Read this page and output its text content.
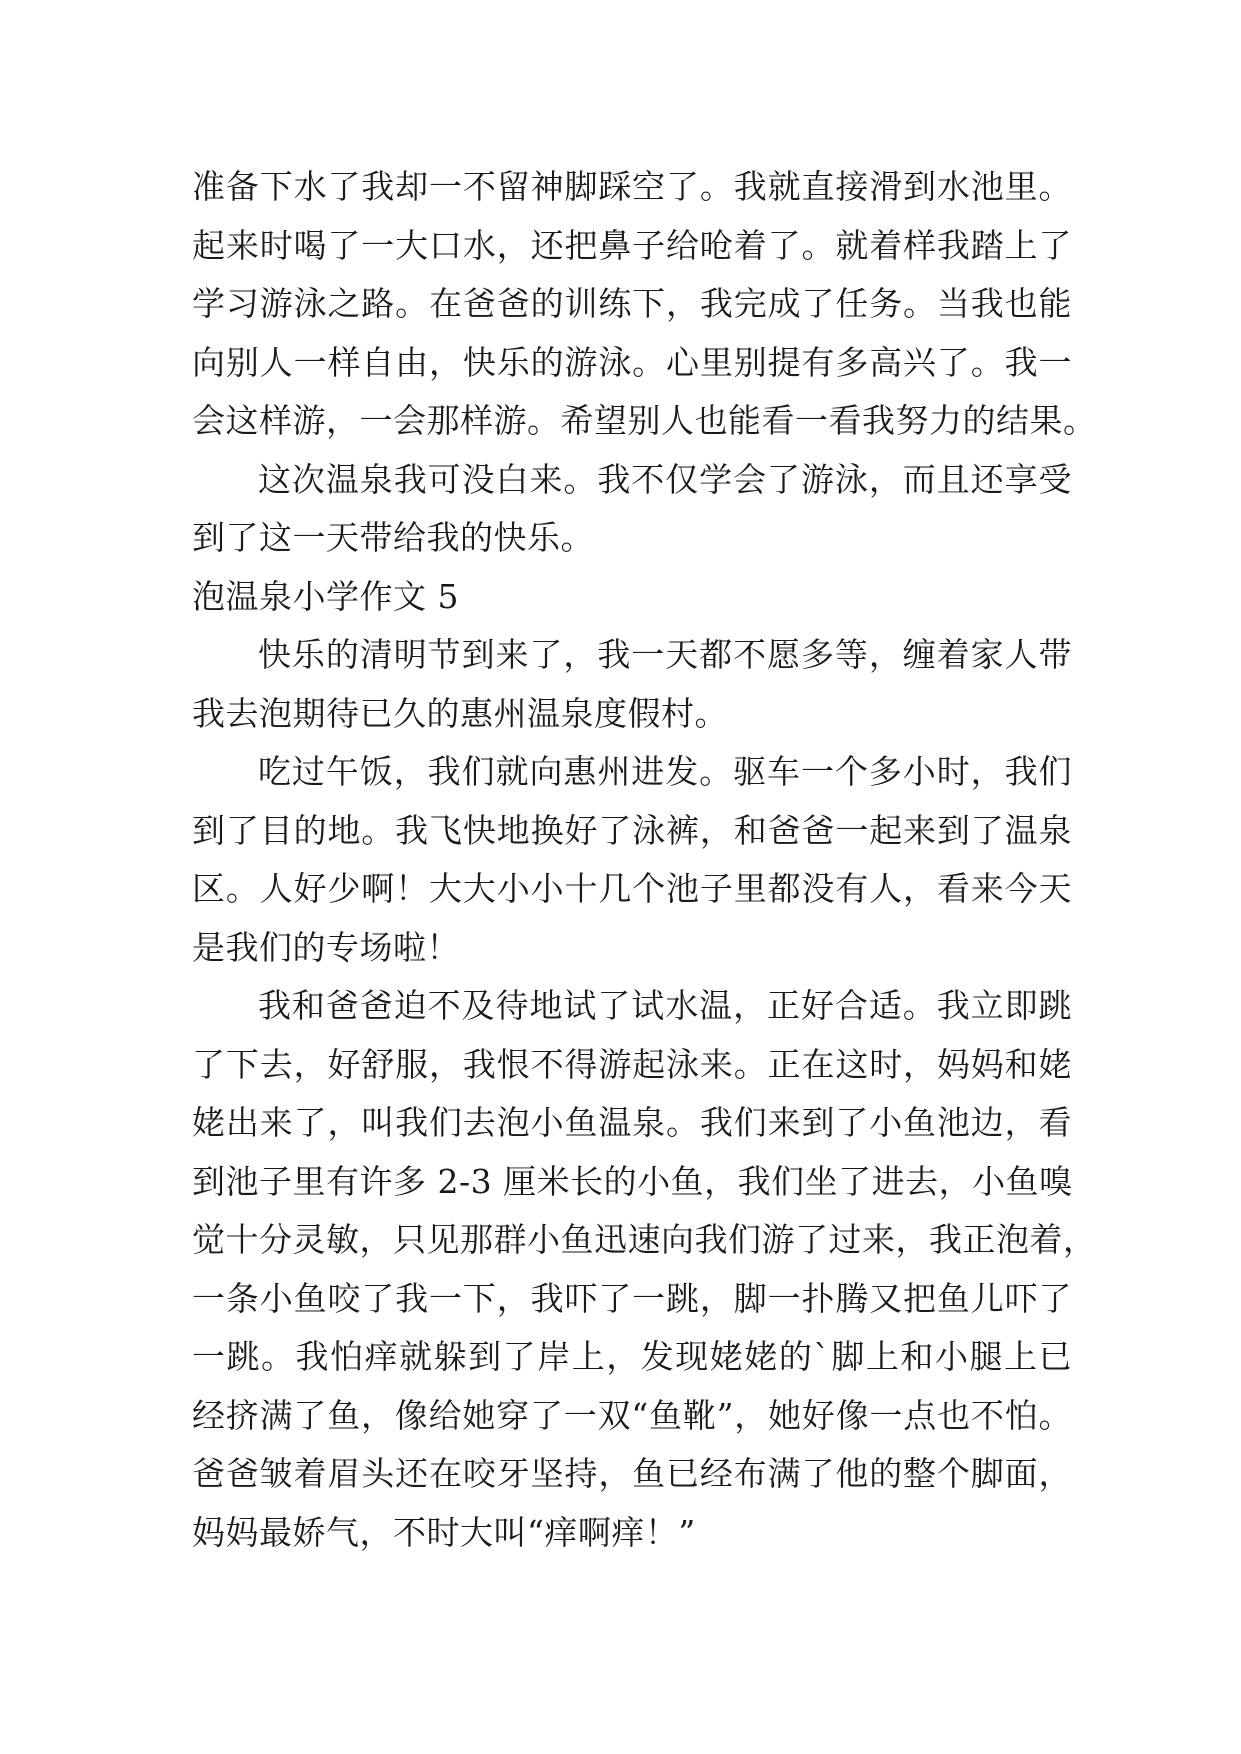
准备下水了我却一不留神脚踩空了。我就直接滑到水池里。
起来时喝了一大口水，还把鼻子给呛着了。就着样我踏上了
学习游泳之路。在爸爸的训练下，我完成了任务。当我也能
向别人一样自由，快乐的游泳。心里别提有多高兴了。我一
会这样游，一会那样游。希望别人也能看一看我努力的结果。
这次温泉我可没白来。我不仅学会了游泳，而且还享受
到了这一天带给我的快乐。
泡温泉小学作文 5
快乐的清明节到来了，我一天都不愿多等，缠着家人带
我去泡期待已久的惠州温泉度假村。
吃过午饭，我们就向惠州进发。驱车一个多小时，我们
到了目的地。我飞快地换好了泳裤，和爸爸一起来到了温泉
区。人好少啊！大大小小十几个池子里都没有人，看来今天
是我们的专场啦！
我和爸爸迫不及待地试了试水温，正好合适。我立即跳
了下去，好舒服，我恨不得游起泳来。正在这时，妈妈和姥
姥出来了，叫我们去泡小鱼温泉。我们来到了小鱼池边，看
到池子里有许多 2-3 厘米长的小鱼，我们坐了进去，小鱼嗅
觉十分灵敏，只见那群小鱼迅速向我们游了过来，我正泡着，
一条小鱼咬了我一下，我吓了一跳，脚一扑腾又把鱼儿吓了
一跳。我怕痒就躲到了岸上，发现姥姥的`脚上和小腿上已
经挤满了鱼，像给她穿了一双“鱼靴”，她好像一点也不怕。
爸爸皱着眉头还在咬牙坚持，鱼已经布满了他的整个脚面，
妈妈最娇气，不时大叫“痒啊痒！”
